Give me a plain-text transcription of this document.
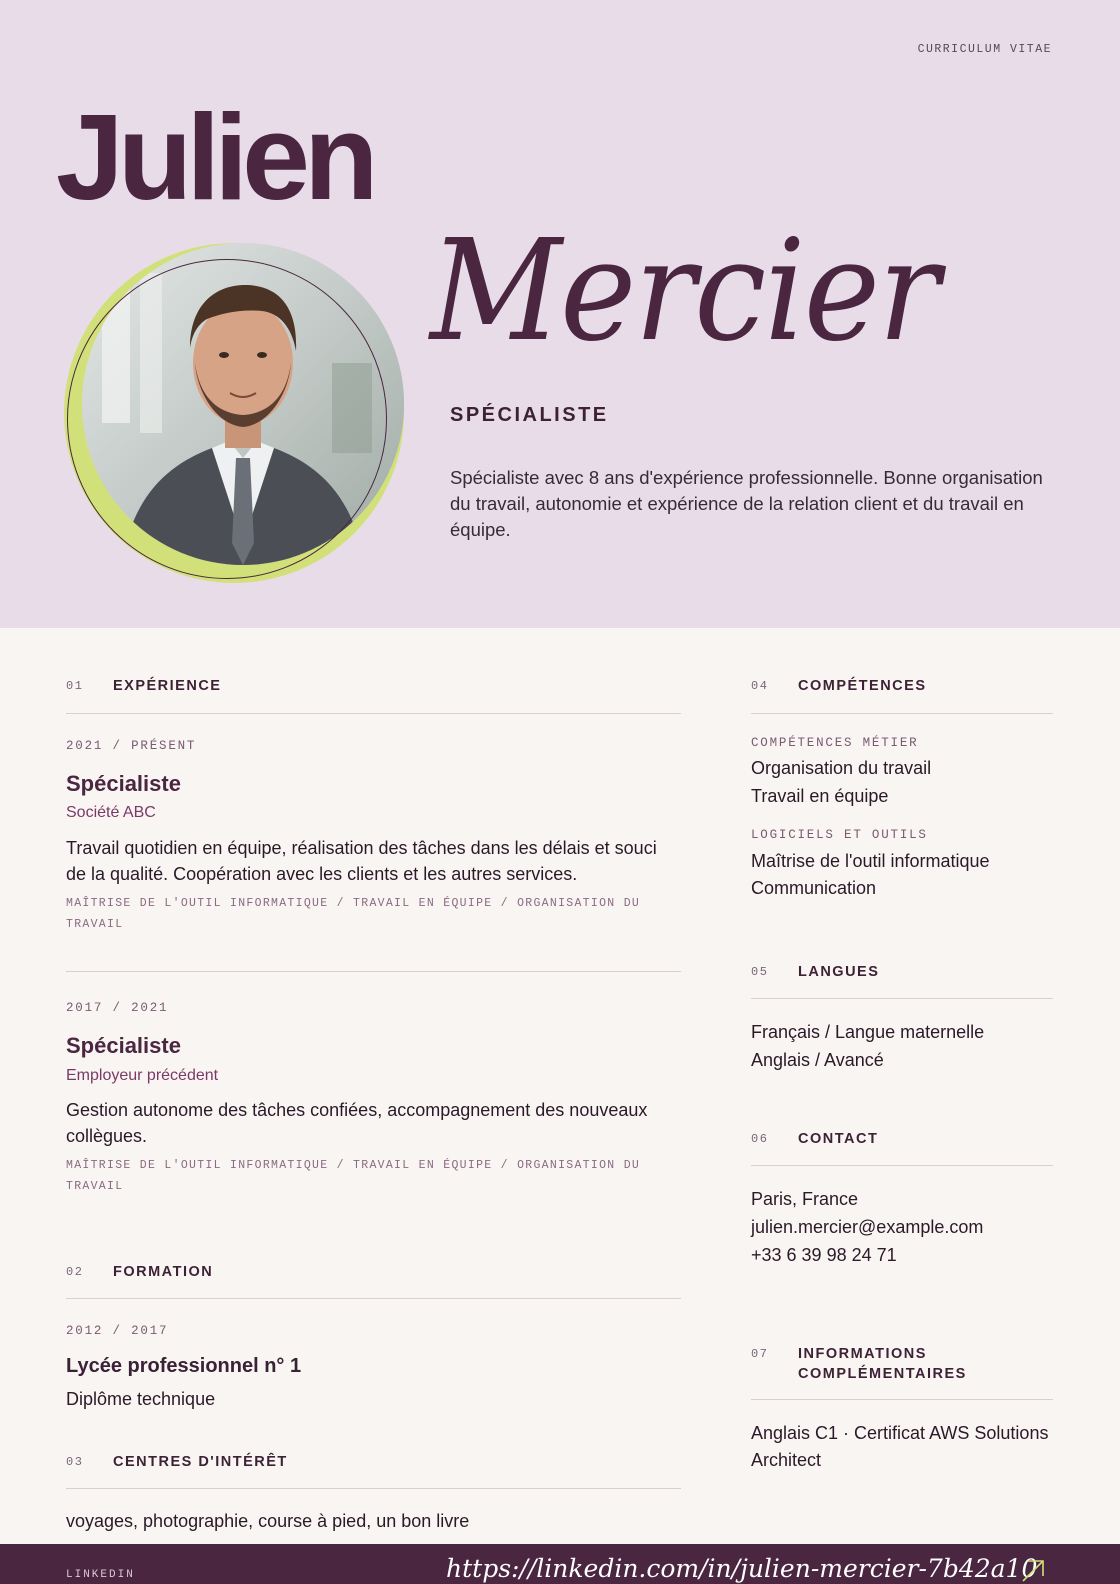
CURRICULUM VITAE
Julien
Mercier
SPÉCIALISTE
Spécialiste avec 8 ans d'expérience professionnelle. Bonne organisation du travail, autonomie et expérience de la relation client et du travail en équipe.
01	EXPÉRIENCE
2021 / PRÉSENT
Spécialiste
Société ABC
Travail quotidien en équipe, réalisation des tâches dans les délais et souci de la qualité. Coopération avec les clients et les autres services.
MAÎTRISE DE L'OUTIL INFORMATIQUE / TRAVAIL EN ÉQUIPE / ORGANISATION DU TRAVAIL
2017 / 2021
Spécialiste
Employeur précédent
Gestion autonome des tâches confiées, accompagnement des nouveaux collègues.
MAÎTRISE DE L'OUTIL INFORMATIQUE / TRAVAIL EN ÉQUIPE / ORGANISATION DU TRAVAIL
02	FORMATION
2012 / 2017
Lycée professionnel n° 1
Diplôme technique
03	CENTRES D'INTÉRÊT
voyages, photographie, course à pied, un bon livre
04	COMPÉTENCES
COMPÉTENCES MÉTIER
Organisation du travail
Travail en équipe
LOGICIELS ET OUTILS
Maîtrise de l'outil informatique
Communication
05	LANGUES
Français / Langue maternelle
Anglais / Avancé
06	CONTACT
Paris, France
julien.mercier@example.com
+33 6 39 98 24 71
07	INFORMATIONS
COMPLÉMENTAIRES
Anglais C1 · Certificat AWS Solutions Architect
LINKEDIN	https://linkedin.com/in/julien-mercier-7b42a10
